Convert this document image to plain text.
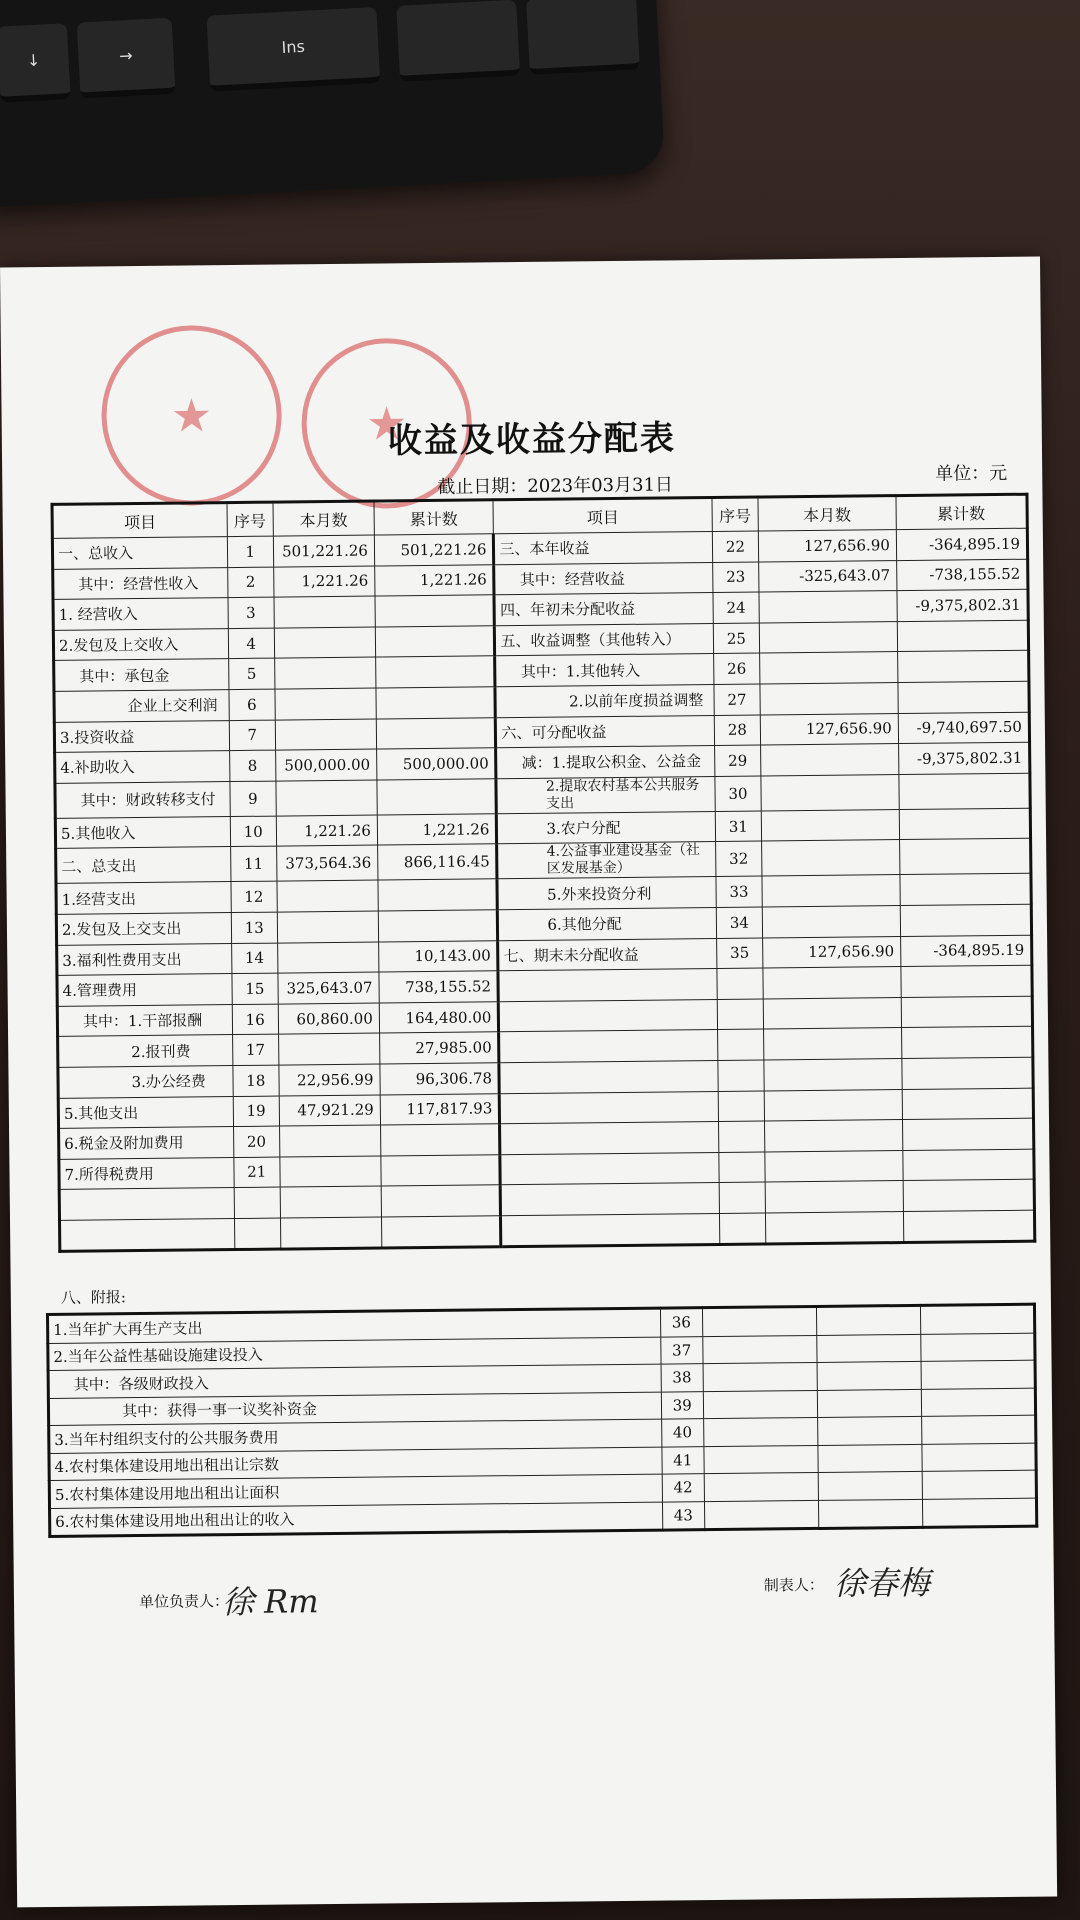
↓	→	Ins
★	★
收益及收益分配表
截止日期：2023年03月31日
单位：元
项目	序号	本月数	累计数	项目	序号	本月数	累计数
一、总收入	1	501,221.26	501,221.26	三、本年收益	22	127,656.90	-364,895.19
其中：经营性收入	2	1,221.26	1,221.26	其中：经营收益	23	-325,643.07	-738,155.52
1. 经营收入	3			四、年初未分配收益	24		-9,375,802.31
2.发包及上交收入	4			五、收益调整（其他转入）	25		
其中：承包金	5			其中：1.其他转入	26		
企业上交利润	6			2.以前年度损益调整	27		
3.投资收益	7			六、可分配收益	28	127,656.90	-9,740,697.50
4.补助收入	8	500,000.00	500,000.00	减：1.提取公积金、公益金	29		-9,375,802.31
其中：财政转移支付	9			2.提取农村基本公共服务支出	30		
5.其他收入	10	1,221.26	1,221.26	3.农户分配	31		
二、总支出	11	373,564.36	866,116.45	4.公益事业建设基金（社区发展基金）	32		
1.经营支出	12			5.外来投资分利	33		
2.发包及上交支出	13			6.其他分配	34		
3.福利性费用支出	14		10,143.00	七、期末未分配收益	35	127,656.90	-364,895.19
4.管理费用	15	325,643.07	738,155.52				
其中：1.干部报酬	16	60,860.00	164,480.00				
2.报刊费	17		27,985.00				
3.办公经费	18	22,956.99	96,306.78				
5.其他支出	19	47,921.29	117,817.93				
6.税金及附加费用	20						
7.所得税费用	21						

八、附报:
1.当年扩大再生产支出	36			
2.当年公益性基础设施建设投入	37			
其中：各级财政投入	38			
其中：获得一事一议奖补资金	39			
3.当年村组织支付的公共服务费用	40			
4.农村集体建设用地出租出让宗数	41			
5.农村集体建设用地出租出让面积	42			
6.农村集体建设用地出租出让的收入	43			
单位负责人：
徐 Rm	制表人： 徐春梅
